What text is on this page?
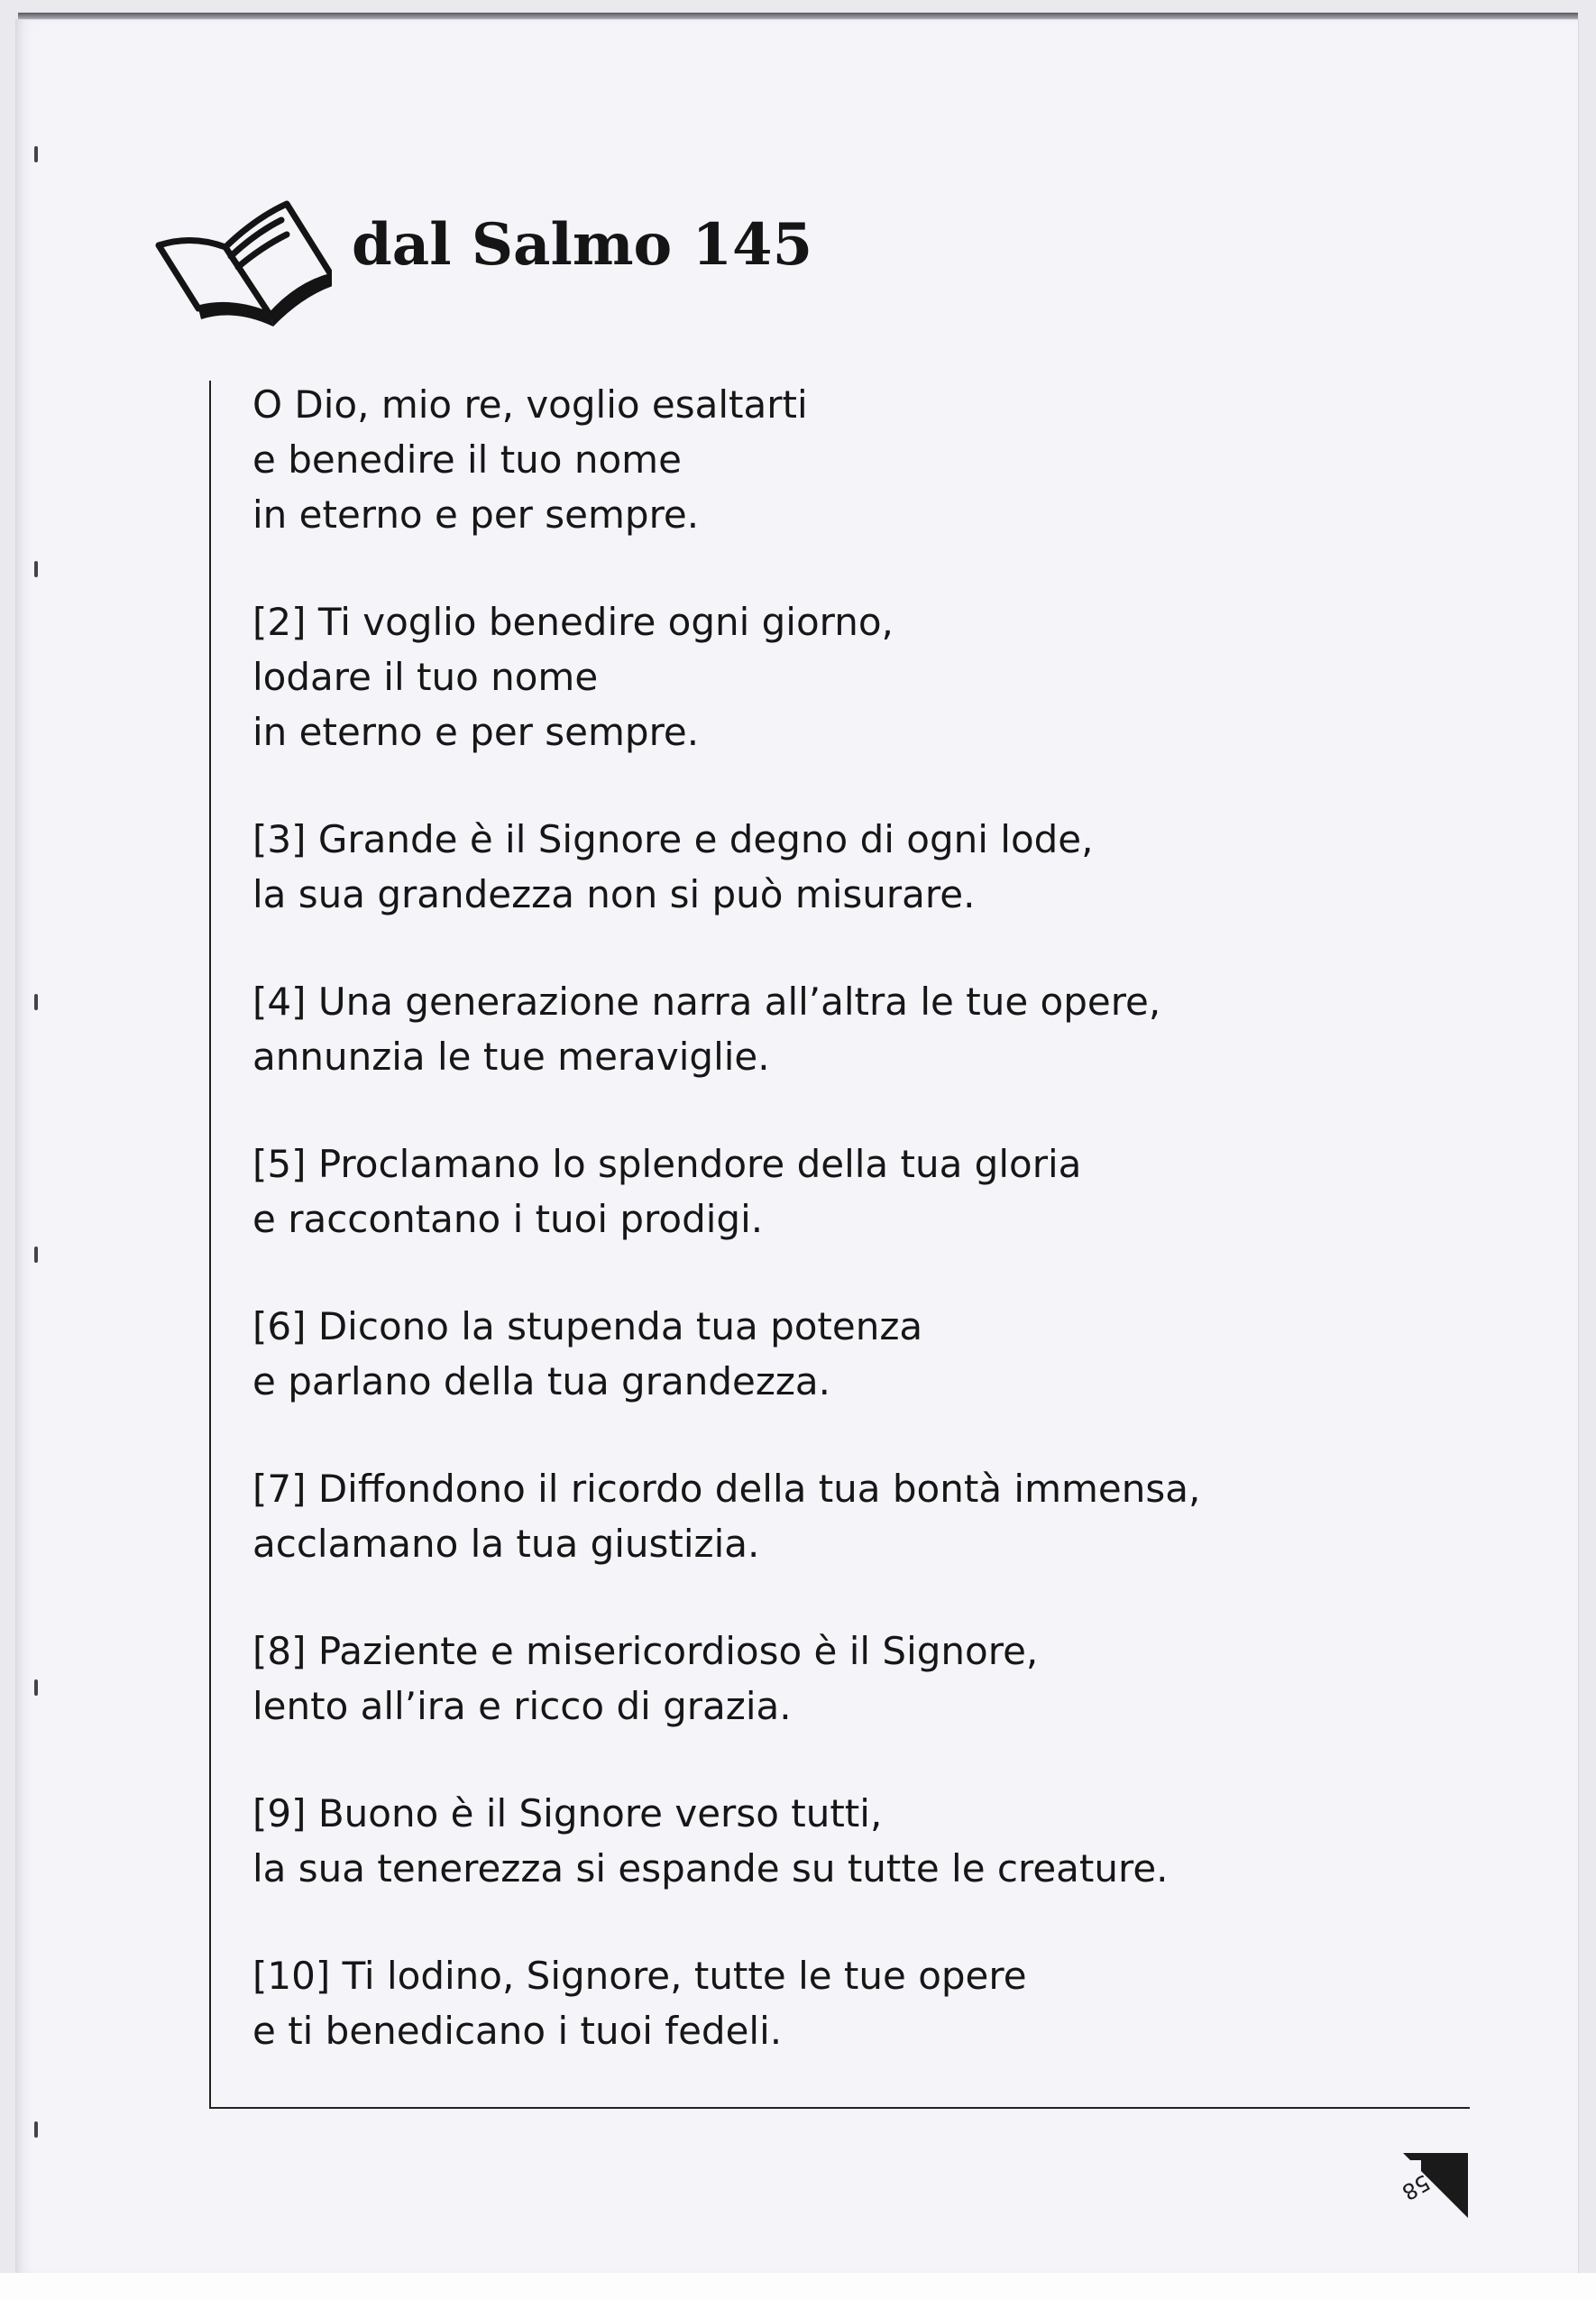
dal Salmo 145
O Dio, mio re, voglio esaltarti
e benedire il tuo nome
in eterno e per sempre.
[2] Ti voglio benedire ogni giorno,
lodare il tuo nome
in eterno e per sempre.
[3] Grande è il Signore e degno di ogni lode,
la sua grandezza non si può misurare.
[4] Una generazione narra all’altra le tue opere,
annunzia le tue meraviglie.
[5] Proclamano lo splendore della tua gloria
e raccontano i tuoi prodigi.
[6] Dicono la stupenda tua potenza
e parlano della tua grandezza.
[7] Diffondono il ricordo della tua bontà immensa,
acclamano la tua giustizia.
[8] Paziente e misericordioso è il Signore,
lento all’ira e ricco di grazia.
[9] Buono è il Signore verso tutti,
la sua tenerezza si espande su tutte le creature.
[10] Ti lodino, Signore, tutte le tue opere
e ti benedicano i tuoi fedeli.
58
